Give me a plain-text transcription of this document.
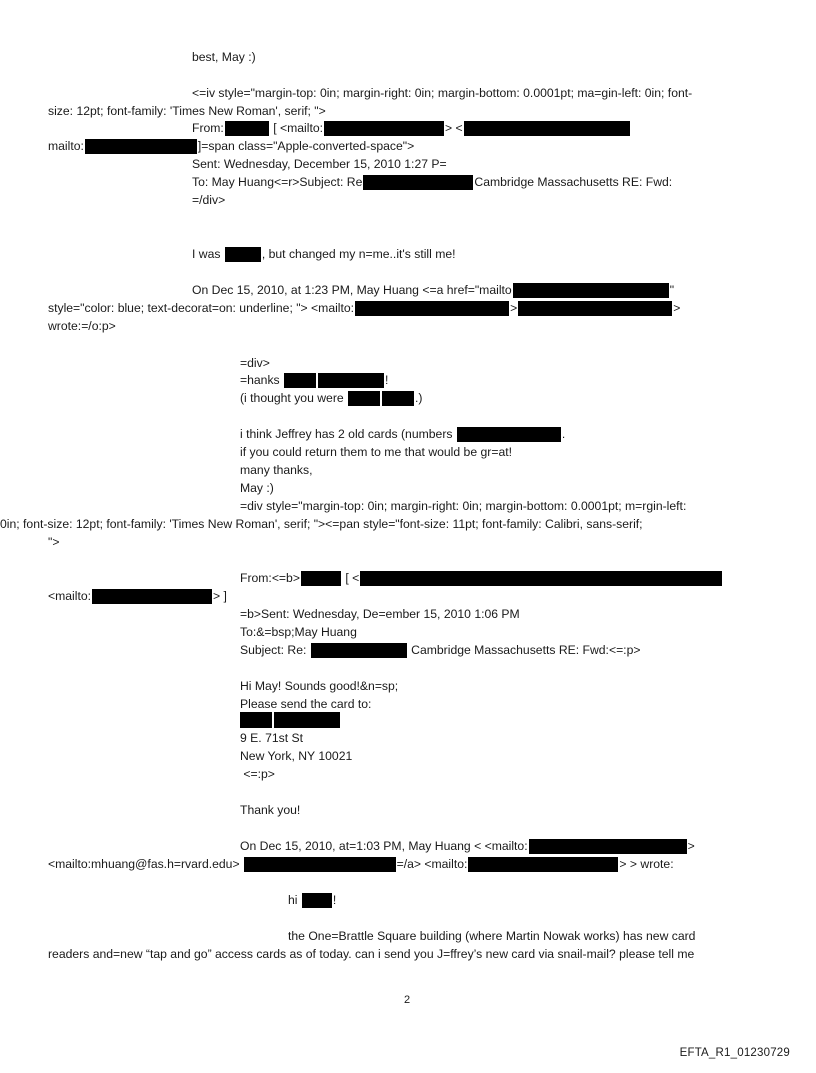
best, May :)
<=iv style="margin-top: 0in; margin-right: 0in; margin-bottom: 0.0001pt; ma=gin-left: 0in; font-
size: 12pt; font-family: 'Times New Roman', serif; ">
From:	[ <mailto:	> <
mailto:	]=span class="Apple-converted-space">
Sent: Wednesday, December 15, 2010 1:27 P=
To: May Huang<=r>Subject: Re	Cambridge Massachusetts RE: Fwd:
=/div>
I was	, but changed my n=me..it's still me!
On Dec 15, 2010, at 1:23 PM, May Huang <=a href="mailto	"
style="color: blue; text-decorat=on: underline; "> <mailto:	>	>
wrote:=/o:p>
=div>
=hanks	!
(i thought you were	.)
i think Jeffrey has 2 old cards (numbers	.
if you could return them to me that would be gr=at!
many thanks,
May :)
=div style="margin-top: 0in; margin-right: 0in; margin-bottom: 0.0001pt; m=rgin-left:
0in; font-size: 12pt; font-family: 'Times New Roman', serif; "><=pan style="font-size: 11pt; font-family: Calibri, sans-serif;
">
From:<=b>	[ <
<mailto:	> ]
=b>Sent: Wednesday, De=ember 15, 2010 1:06 PM
To:&=bsp;May Huang
Subject: Re:	Cambridge Massachusetts RE: Fwd:<=:p>
Hi May! Sounds good!&n=sp;
Please send the card to:
9 E. 71st St
New York, NY 10021
<=:p>
Thank you!
On Dec 15, 2010, at=1:03 PM, May Huang < <mailto:	>
<mailto:mhuang@fas.h=rvard.edu>	=/a> <mailto:	> > wrote:
hi	!
the One=Brattle Square building (where Martin Nowak works) has new card
readers and=new “tap and go” access cards as of today. can i send you J=ffrey’s new card via snail-mail? please tell me
2
EFTA_R1_01230729
